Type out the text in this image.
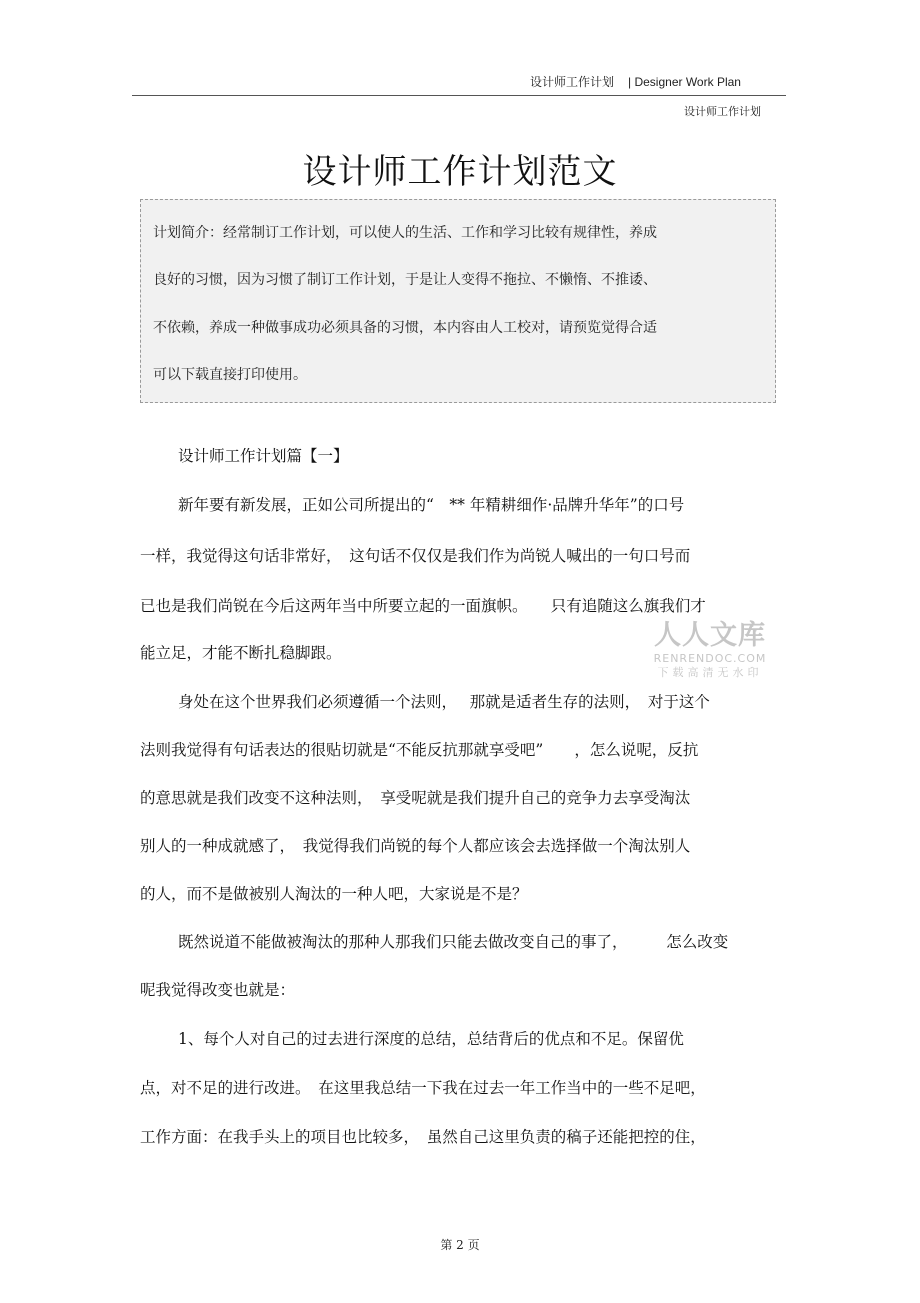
设计师工作计划 | Designer Work Plan
设计师工作计划
设计师工作计划范文
计划简介：经常制订工作计划，可以使人的生活、工作和学习比较有规律性，养成
良好的习惯，因为习惯了制订工作计划，于是让人变得不拖拉、不懒惰、不推诿、
不依赖，养成一种做事成功必须具备的习惯，本内容由人工校对，请预览觉得合适
可以下载直接打印使用。
设计师工作计划篇【一】
新年要有新发展，正如公司所提出的“　** 年精耕细作·品牌升华年”的口号
一样，我觉得这句话非常好，　这句话不仅仅是我们作为尚锐人喊出的一句口号而
已也是我们尚锐在今后这两年当中所要立起的一面旗帜。　　只有追随这么旗我们才
能立足，才能不断扎稳脚跟。
身处在这个世界我们必须遵循一个法则，　 那就是适者生存的法则，　对于这个
法则我觉得有句话表达的很贴切就是“不能反抗那就享受吧”　　，怎么说呢，反抗
的意思就是我们改变不这种法则，　享受呢就是我们提升自己的竞争力去享受淘汰
别人的一种成就感了，　我觉得我们尚锐的每个人都应该会去选择做一个淘汰别人
的人，而不是做被别人淘汰的一种人吧，大家说是不是？
既然说道不能做被淘汰的那种人那我们只能去做改变自己的事了，　　　怎么改变
呢我觉得改变也就是：
1、每个人对自己的过去进行深度的总结，总结背后的优点和不足。保留优
点，对不足的进行改进。　在这里我总结一下我在过去一年工作当中的一些不足吧，
工作方面：在我手头上的项目也比较多，　虽然自己这里负责的稿子还能把控的住，
人人文库
RENRENDOC.COM
下载高清无水印
第 2 页
